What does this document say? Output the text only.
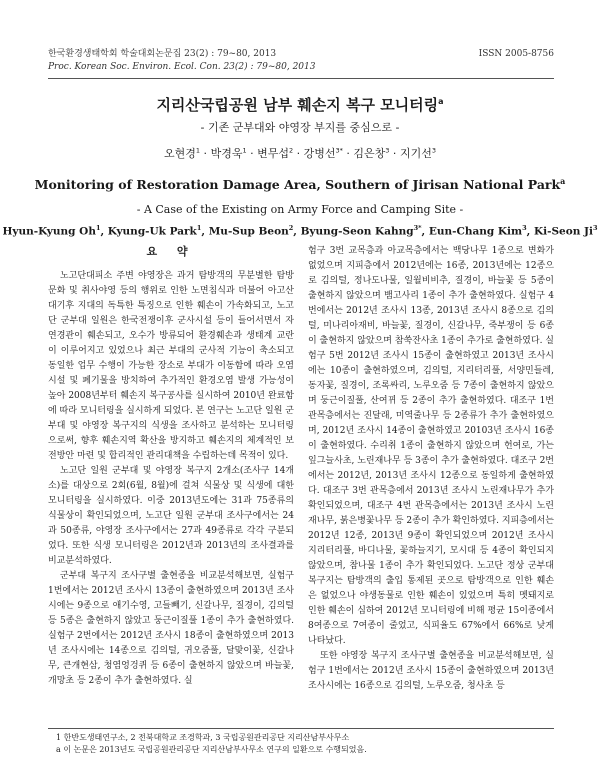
한국환경생태학회 학술대회논문집 23(2) : 79~80, 2013
Proc. Korean Soc. Environ. Ecol. Con. 23(2) : 79~80, 2013
ISSN 2005-8756
지리산국립공원 남부 훼손지 복구 모니터링$^a$
- 기존 군부대와 야영장 부지를 중심으로 -
오현경$^1$ · 박경욱$^1$ · 변무섭$^2$ · 강병선$^{3*}$ · 김은창$^3$ · 지기선$^3$
Monitoring of Restoration Damage Area, Southern of Jirisan National Park$^a$
- A Case of the Existing on Army Force and Camping Site -
Hyun-Kyung Oh$^1$, Kyung-Uk Park$^1$, Mu-Sup Beon$^2$, Byung-Seon Kahng$^{3*}$, Eun-Chang Kim$^3$, Ki-Seon Ji$^3$
요 약

노고단대피소 주변 야영장은 과거 탐방객의 무분별한 탐방문화 및 취사야영 등의 행위로 인한 노면침식과 더불어 아고산대기후 지대의 독특한 특징으로 인한 훼손이 가속화되고, 노고단 군부대 일원은 한국전쟁이후 군사시설 등이 들어서면서 자연경관이 훼손되고, 오수가 방류되어 환경훼손과 생태계 교란이 이루어지고 있었으나 최근 부대의 군사적 기능이 축소되고 동일한 업무 수행이 가능한 장소로 부대가 이동함에 따라 오염시설 및 폐기물을 방치하여 추가적인 환경오염 발생 가능성이 높아 2008년부터 훼손지 복구공사를 실시하여 2010년 완료함에 따라 모니터링을 실시하게 되었다. 본 연구는 노고단 일원 군부대 및 야영장 복구지의 식생을 조사하고 분석하는 모니터링으로써, 향후 훼손지역 확산을 방지하고 훼손지의 체계적인 보전방안 마련 및 합리적인 관리대책을 수립하는데 목적이 있다.

노고단 일원 군부대 및 야영장 복구지 2개소(조사구 14개소)를 대상으로 2회(6월, 8월)에 걸쳐 식물상 및 식생에 대한 모니터링을 실시하였다. 이중 2013년도에는 31과 75종류의 식물상이 확인되었으며, 노고단 일원 군부대 조사구에서는 24과 50종류, 야영장 조사구에서는 27과 49종류로 각각 구분되었다. 또한 식생 모니터링은 2012년과 2013년의 조사결과를 비교분석하였다.

군부대 복구지 조사구별 출현종을 비교분석해보면, 실험구 1번에서는 2012년 조사시 13종이 출현하였으며 2013년 조사시에는 9종으로 애기수영, 고들빼기, 신갈나무, 질경이, 김의털 등 5종은 출현하지 않았고 둥근이질풀 1종이 추가 출현하였다. 실험구 2번에서는 2012년 조사시 18종이 출현하였으며 2013년 조사시에는 14종으로 김의털, 귀오줌풀, 달맞이꽃, 신갈나무, 큰개현삼, 청염엉겅퀴 등 6종이 출현하지 않았으며 바늘꽃, 개망초 등 2종이 추가 출현하였다. 실

험구 3번 교목층과 아교목층에서는 백당나무 1종으로 변화가 없었으며 지피층에서 2012년에는 16종, 2013년에는 12종으로 김의털, 정나도나물, 일월비비추, 질경이, 바늘꽃 등 5종이 출현하지 않았으며 뱀고사리 1종이 추가 출현하였다. 실험구 4번에서는 2012년 조사시 13종, 2013년 조사시 8종으로 김의털, 미나리아재비, 바늘꽃, 질경이, 신갈나무, 죽부쟁이 등 6종이 출현하지 않았으며 참쑥잔사초 1종이 추가로 출현하였다. 실험구 5번 2012년 조사시 15종이 출현하였고 2013년 조사시에는 10종이 출현하였으며, 김의털, 지리터리풀, 서양민들레, 동자꽃, 질경이, 조록싸리, 노루오줌 등 7종이 출현하지 않았으며 둥근이질풀, 산여뀌 등 2종이 추가 출현하였다. 대조구 1번 관목층에서는 진달래, 미역줄나무 등 2종류가 추가 출현하였으며, 2012년 조사시 14종이 출현하였고 20103년 조사시 16종이 출현하였다. 수리취 1종이 출현하지 않았으며 헌여로, 가는잎그늘사초, 노린재나무 등 3종이 추가 출현하였다. 대조구 2번에서는 2012년, 2013년 조사시 12종으로 동일하게 출현하였다. 대조구 3번 관목층에서 2013년 조사시 노린재나무가 추가 확인되었으며, 대조구 4번 관목층에서는 2013년 조사시 노린재나무, 붉은병꽃나무 등 2종이 추가 확인하였다. 지피층에서는 2012년 12종, 2013년 9종이 확인되었으며 2012년 조사시 지리터리풀, 바디나물, 꽃하늘지기, 모시대 등 4종이 확인되지 않았으며, 참나물 1종이 추가 확인되었다. 노고단 정상 군부대 복구지는 탐방객의 출입 통제된 곳으로 탐방객으로 인한 훼손은 없었으나 야생동물로 인한 훼손이 있었으며 특히 멧돼지로 인한 훼손이 심하여 2012년 모니터링에 비해 평균 15이종에서 8여종으로 7여종이 줄었고, 식피율도 67%에서 66%로 낮게 나타났다.

또한 야영장 복구지 조사구별 출현종을 비교분석해보면, 실험구 1번에서는 2012년 조사시 15종이 출현하였으며 2013년 조사시에는 16종으로 김의털, 노루오줌, 청사초 등

1 한반도생태연구소, 2 전북대학교 조경학과, 3 국립공원관리공단 지리산남부사무소
a 이 논문은 2013년도 국립공원관리공단 지리산남부사무소 연구의 일환으로 수행되었음.
